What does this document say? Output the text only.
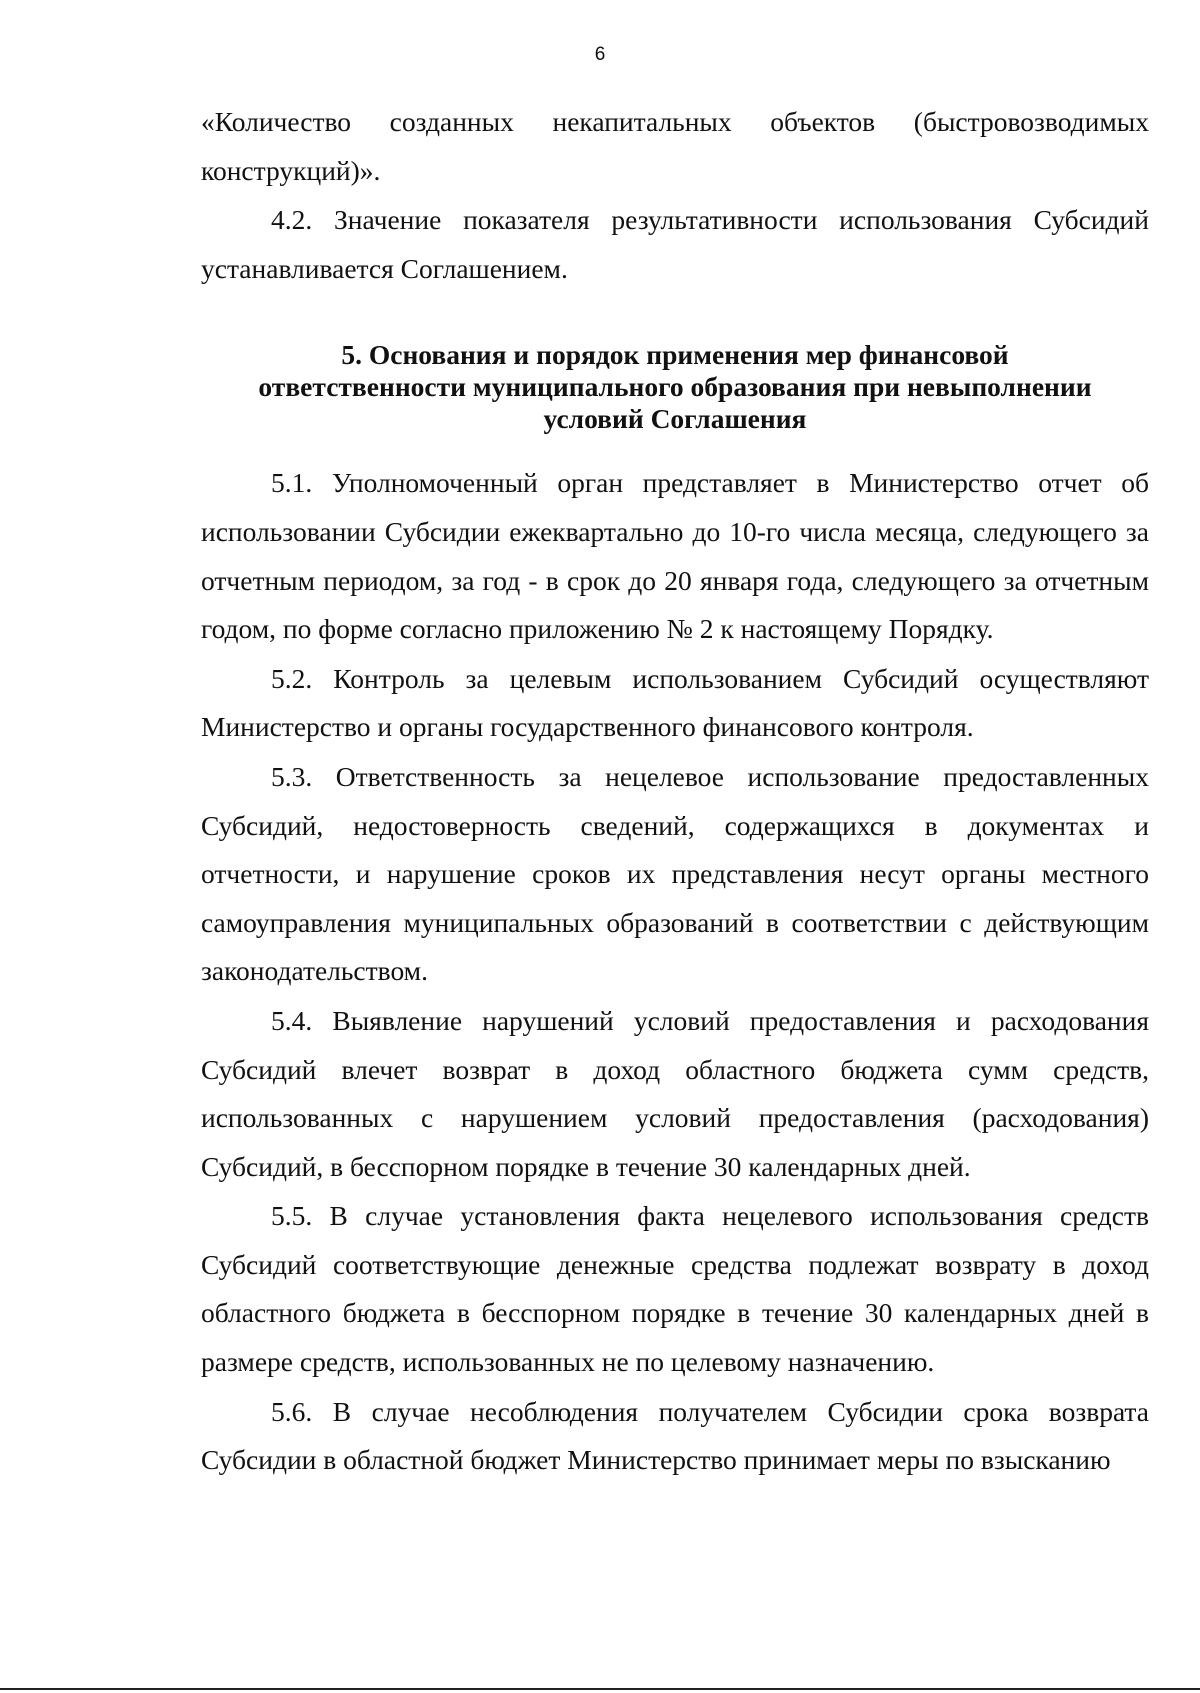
6

«Количество созданных некапитальных объектов (быстровозводимых конструкций)».

4.2. Значение показателя результативности использования Субсидий устанавливается Соглашением.

5. Основания и порядок применения мер финансовой
ответственности муниципального образования при невыполнении
условий Соглашения

5.1. Уполномоченный орган представляет в Министерство отчет об использовании Субсидии ежеквартально до 10-го числа месяца, следующего за отчетным периодом, за год - в срок до 20 января года, следующего за отчетным годом, по форме согласно приложению № 2 к настоящему Порядку.

5.2. Контроль за целевым использованием Субсидий осуществляют Министерство и органы государственного финансового контроля.

5.3. Ответственность за нецелевое использование предоставленных Субсидий, недостоверность сведений, содержащихся в документах и отчетности, и нарушение сроков их представления несут органы местного самоуправления муниципальных образований в соответствии с действующим законодательством.

5.4. Выявление нарушений условий предоставления и расходования Субсидий влечет возврат в доход областного бюджета сумм средств, использованных с нарушением условий предоставления (расходования) Субсидий, в бесспорном порядке в течение 30 календарных дней.

5.5. В случае установления факта нецелевого использования средств Субсидий соответствующие денежные средства подлежат возврату в доход областного бюджета в бесспорном порядке в течение 30 календарных дней в размере средств, использованных не по целевому назначению.

5.6. В случае несоблюдения получателем Субсидии срока возврата Субсидии в областной бюджет Министерство принимает меры по взысканию
